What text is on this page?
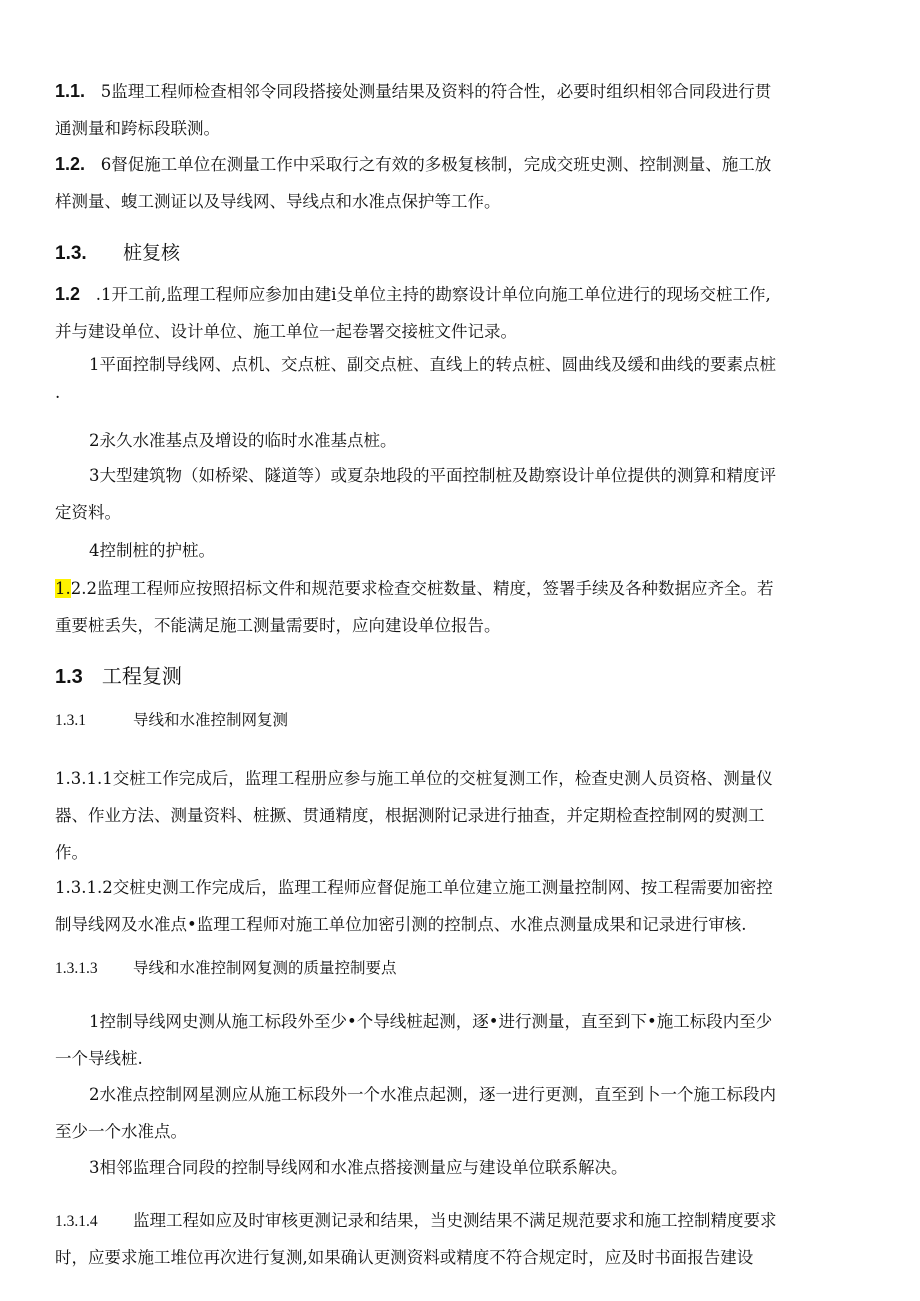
1.1. 5监理工程师检查相邻令同段搭接处测量结果及资料的符合性，必要时组织相邻合同段进行贯
通测量和跨标段联测。
1.2. 6督促施工单位在测量工作中采取行之有效的多极复核制，完成交班史测、控制测量、施工放
样测量、蝮工测证以及导线网、导线点和水准点保护等工作。
1.3. 桩复核
1.2 .1开工前,监理工程师应参加由建i殳单位主持的勘察设计单位向施工单位进行的现场交桩工作,
并与建设单位、设计单位、施工单位一起卷署交接桩文件记录。
1平面控制导线网、点机、交点桩、副交点桩、直线上的转点桩、圆曲线及缓和曲线的要素点桩
.
2永久水准基点及增设的临时水准基点桩。
3大型建筑物（如桥梁、隧道等）或夏杂地段的平面控制桩及勘察设计单位提供的测算和精度评
定资料。
4控制桩的护桩。
1.2.2监理工程师应按照招标文件和规范要求检查交桩数量、精度，签署手续及各种数据应齐全。若
重要桩丢失，不能满足施工测量需要时，应向建设单位报告。
1.3 工程复测
1.3.1	导线和水准控制网复测
1.3.1.1交桩工作完成后，监理工程册应参与施工单位的交桩复测工作，检查史测人员资格、测量仪
器、作业方法、测量资料、桩撅、贯通精度，根据测附记录进行抽查，并定期检查控制网的熨测工
作。
1.3.1.2交桩史测工作完成后，监理工程师应督促施工单位建立施工测量控制网、按工程需要加密控
制导线网及水准点•监理工程师对施工单位加密引测的控制点、水准点测量成果和记录进行审核.
1.3.1.3 导线和水准控制网复测的质量控制要点
1控制导线网史测从施工标段外至少•个导线桩起测，逐•进行测量，直至到下•施工标段内至少
一个导线桩.
2水准点控制网星测应从施工标段外一个水准点起测，逐一进行更测，直至到卜一个施工标段内
至少一个水准点。
3相邻监理合同段的控制导线网和水准点搭接测量应与建设单位联系解决。
1.3.1.4 监理工程如应及时审核更测记录和结果，当史测结果不满足规范要求和施工控制精度要求
时，应要求施工堆位再次进行复测,如果确认更测资料或精度不符合规定时，应及时书面报告建设
